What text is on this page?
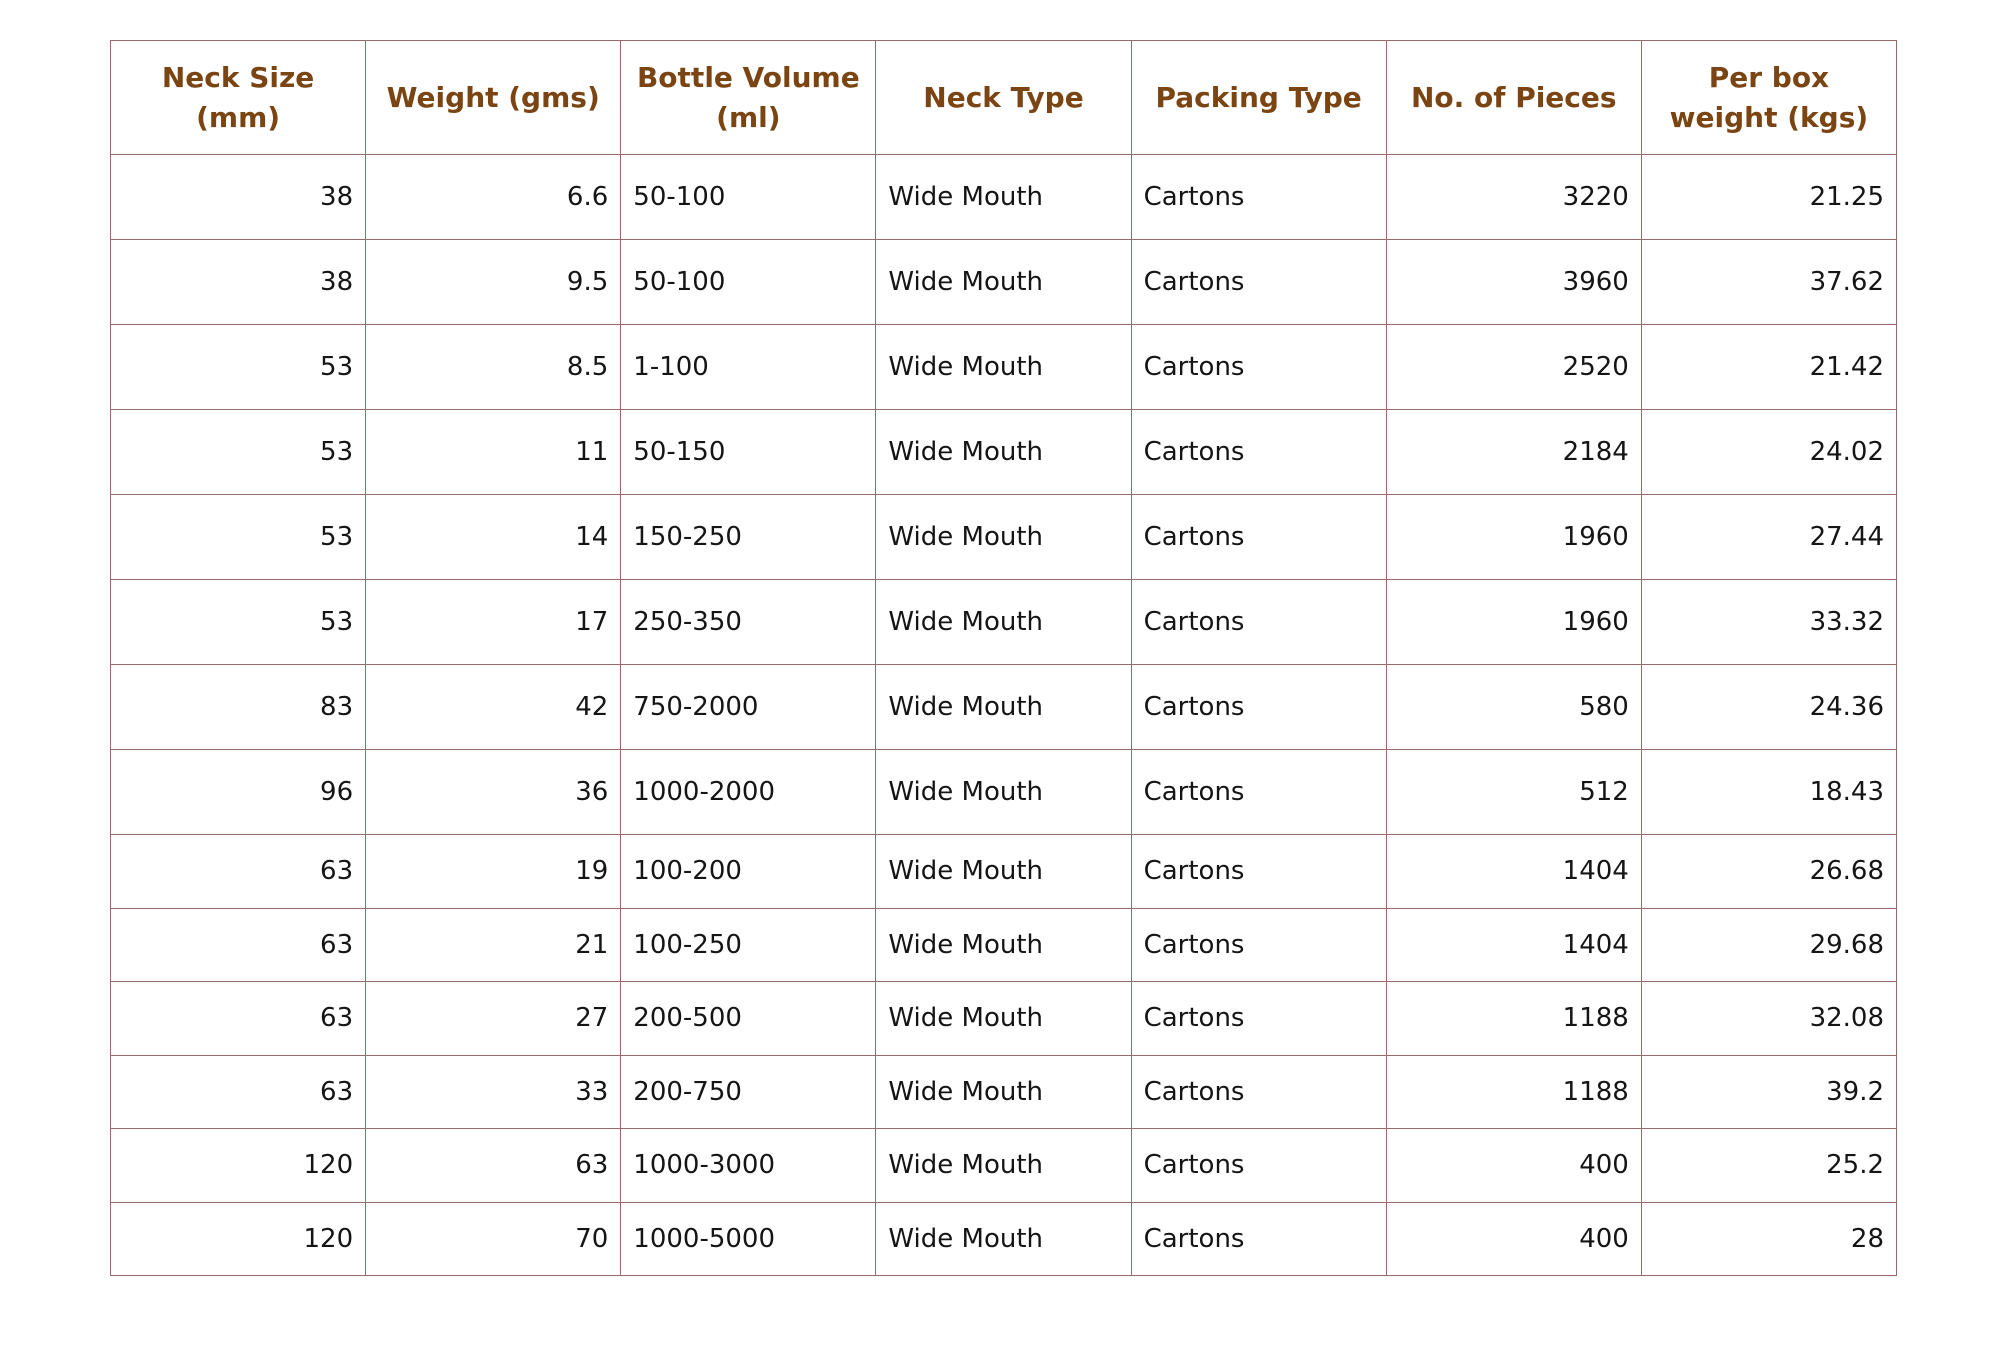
Neck Size (mm)	Weight (gms)	Bottle Volume (ml)	Neck Type	Packing Type	No. of Pieces	Per box weight (kgs)
38	6.6	50-100	Wide Mouth	Cartons	3220	21.25
38	9.5	50-100	Wide Mouth	Cartons	3960	37.62
53	8.5	1-100	Wide Mouth	Cartons	2520	21.42
53	11	50-150	Wide Mouth	Cartons	2184	24.02
53	14	150-250	Wide Mouth	Cartons	1960	27.44
53	17	250-350	Wide Mouth	Cartons	1960	33.32
83	42	750-2000	Wide Mouth	Cartons	580	24.36
96	36	1000-2000	Wide Mouth	Cartons	512	18.43
63	19	100-200	Wide Mouth	Cartons	1404	26.68
63	21	100-250	Wide Mouth	Cartons	1404	29.68
63	27	200-500	Wide Mouth	Cartons	1188	32.08
63	33	200-750	Wide Mouth	Cartons	1188	39.2
120	63	1000-3000	Wide Mouth	Cartons	400	25.2
120	70	1000-5000	Wide Mouth	Cartons	400	28
